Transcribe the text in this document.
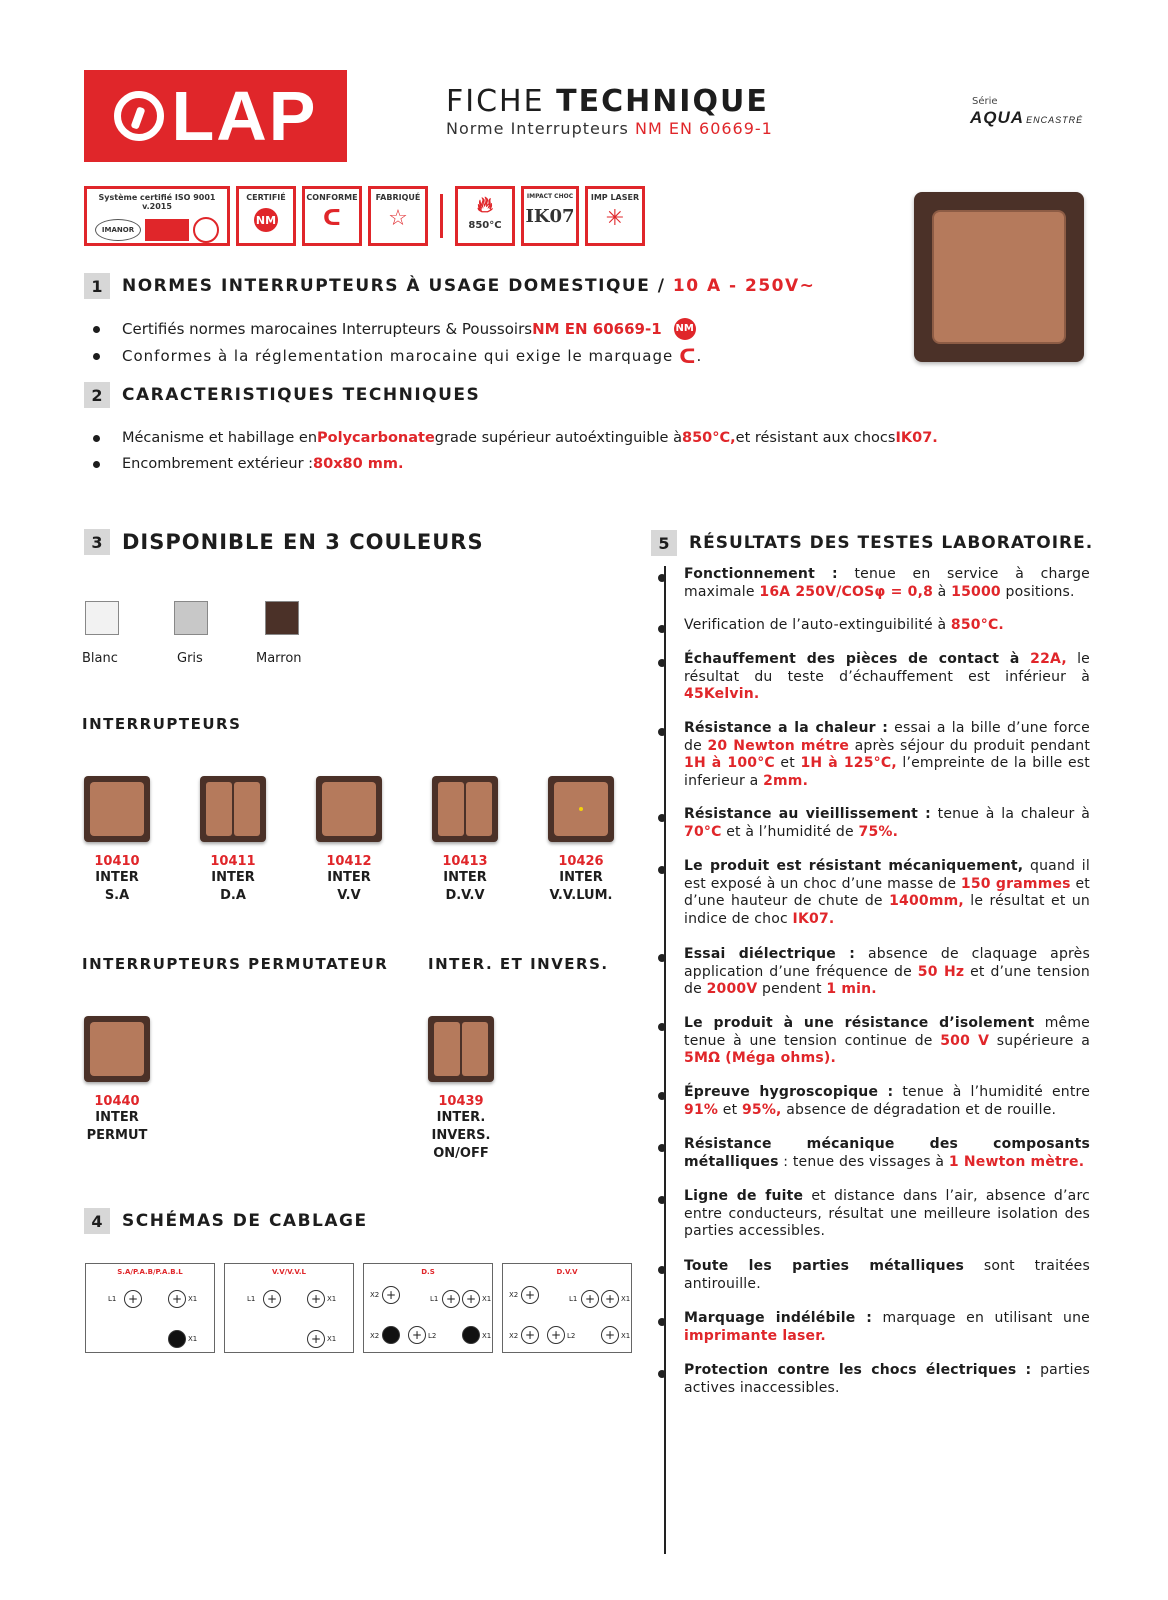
LAP	FICHE TECHNIQUE
Norme Interrupteurs NM EN 60669-1
Série
AQUA ENCASTRÉ
Système certifié ISO 9001 v.2015
IMANOR
CERTIFIÉ
NM
CONFORME
ᑕ
FABRIQUÉ
☆
🔥︎
850°C
IMPACT CHOC
IK07
IMP LASER
✳
1	NORMES INTERRUPTEURS À USAGE DOMESTIQUE / 10 A - 250V~
Certifiés normes marocaines Interrupteurs & Poussoirs NM EN 60669-1 NM
Conformes à la réglementation marocaine qui exige le marquage ᑕ .
2	CARACTERISTIQUES TECHNIQUES
Mécanisme et habillage en Polycarbonate grade supérieur autoéxtinguible à 850°C, et résistant aux chocs IK07.
Encombrement extérieur : 80x80 mm.
3 DISPONIBLE EN 3 COULEURS
Blanc	Gris	Marron
INTERRUPTEURS
10410
INTER
S.A
10411
INTER
D.A
10412
INTER
V.V
10413
INTER
D.V.V
10426
INTER
V.V.LUM.
INTERRUPTEURS PERMUTATEUR	INTER. ET INVERS.
10440
INTER
PERMUT
10439
INTER.
INVERS.
ON/OFF
4	SCHÉMAS DE CABLAGE
S.A/P.A.B/P.A.B.L
L1 +	+ X1
X1
V.V/V.V.L
L1 +	+ X1
+ X1
D.S
X2 +	L1 + + X1
X2	+ L2	X1
D.V.V
X2 +	L1 + + X1
X2 +	+ L2	+ X1
5	RÉSULTATS DES TESTES LABORATOIRE.
Fonctionnement : tenue en service à charge maximale 16A 250V/COSφ = 0,8 à 15000 positions.
Verification de l’auto-extinguibilité à 850°C.
Échauffement des pièces de contact à 22A, le résultat du teste d’échauffement est inférieur à 45Kelvin.
Résistance a la chaleur : essai a la bille d’une force de 20 Newton métre après séjour du produit pendant 1H à 100°C et 1H à 125°C, l’empreinte de la bille est inferieur a 2mm.
Résistance au vieillissement : tenue à la chaleur à 70°C et à l’humidité de 75%.
Le produit est résistant mécaniquement, quand il est exposé à un choc d’une masse de 150 grammes et d’une hauteur de chute de 1400mm, le résultat et un indice de choc IK07.
Essai diélectrique : absence de claquage après application d’une fréquence de 50 Hz et d’une tension de 2000V pendent 1 min.
Le produit à une résistance d’isolement même tenue à une tension continue de 500 V supérieure a 5MΩ (Méga ohms).
Épreuve hygroscopique : tenue à l’humidité entre 91% et 95%, absence de dégradation et de rouille.
Résistance mécanique des composants métalliques : tenue des vissages à 1 Newton mètre.
Ligne de fuite et distance dans l’air, absence d’arc entre conducteurs, résultat une meilleure isolation des parties accessibles.
Toute les parties métalliques sont traitées antirouille.
Marquage indélébile : marquage en utilisant une imprimante laser.
Protection contre les chocs électriques : parties actives inaccessibles.
